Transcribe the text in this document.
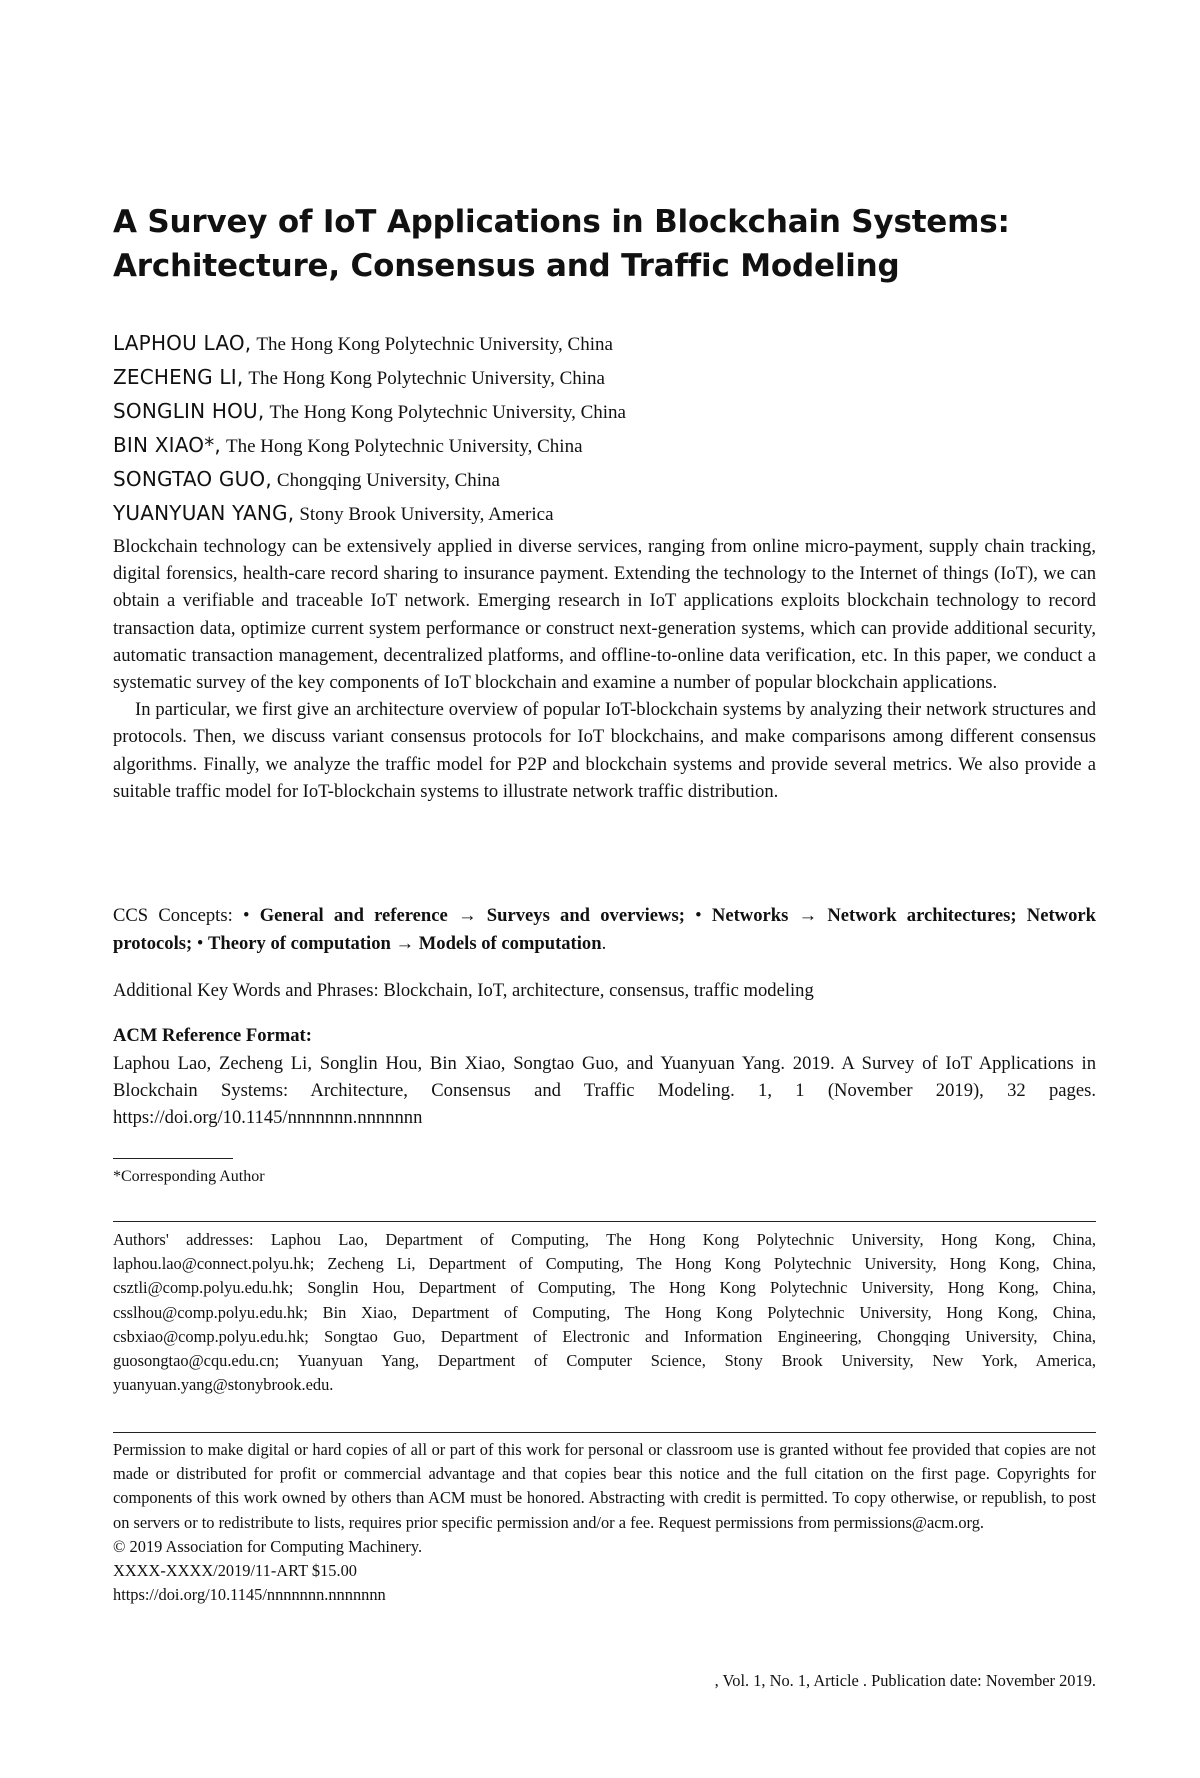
A Survey of IoT Applications in Blockchain Systems:
Architecture, Consensus and Traffic Modeling
LAPHOU LAO, The Hong Kong Polytechnic University, China
ZECHENG LI, The Hong Kong Polytechnic University, China
SONGLIN HOU, The Hong Kong Polytechnic University, China
BIN XIAO*, The Hong Kong Polytechnic University, China
SONGTAO GUO, Chongqing University, China
YUANYUAN YANG, Stony Brook University, America

Blockchain technology can be extensively applied in diverse services, ranging from online micro-payment, supply chain tracking, digital forensics, health-care record sharing to insurance payment. Extending the technology to the Internet of things (IoT), we can obtain a verifiable and traceable IoT network. Emerging research in IoT applications exploits blockchain technology to record transaction data, optimize current system performance or construct next-generation systems, which can provide additional security, automatic transaction management, decentralized platforms, and offline-to-online data verification, etc. In this paper, we conduct a systematic survey of the key components of IoT blockchain and examine a number of popular blockchain applications.

In particular, we first give an architecture overview of popular IoT-blockchain systems by analyzing their network structures and protocols. Then, we discuss variant consensus protocols for IoT blockchains, and make comparisons among different consensus algorithms. Finally, we analyze the traffic model for P2P and blockchain systems and provide several metrics. We also provide a suitable traffic model for IoT-blockchain systems to illustrate network traffic distribution.

CCS Concepts: • General and reference → Surveys and overviews; • Networks → Network architectures; Network protocols; • Theory of computation → Models of computation.
Additional Key Words and Phrases: Blockchain, IoT, architecture, consensus, traffic modeling
ACM Reference Format:
Laphou Lao, Zecheng Li, Songlin Hou, Bin Xiao, Songtao Guo, and Yuanyuan Yang. 2019. A Survey of IoT Applications in Blockchain Systems: Architecture, Consensus and Traffic Modeling. 1, 1 (November 2019), 32 pages. https://doi.org/10.1145/nnnnnnn.nnnnnnn
*Corresponding Author
Authors' addresses: Laphou Lao, Department of Computing, The Hong Kong Polytechnic University, Hong Kong, China, laphou.lao@connect.polyu.hk; Zecheng Li, Department of Computing, The Hong Kong Polytechnic University, Hong Kong, China, csztli@comp.polyu.edu.hk; Songlin Hou, Department of Computing, The Hong Kong Polytechnic University, Hong Kong, China, csslhou@comp.polyu.edu.hk; Bin Xiao, Department of Computing, The Hong Kong Polytechnic University, Hong Kong, China, csbxiao@comp.polyu.edu.hk; Songtao Guo, Department of Electronic and Information Engineering, Chongqing University, China, guosongtao@cqu.edu.cn; Yuanyuan Yang, Department of Computer Science, Stony Brook University, New York, America, yuanyuan.yang@stonybrook.edu.

Permission to make digital or hard copies of all or part of this work for personal or classroom use is granted without fee provided that copies are not made or distributed for profit or commercial advantage and that copies bear this notice and the full citation on the first page. Copyrights for components of this work owned by others than ACM must be honored. Abstracting with credit is permitted. To copy otherwise, or republish, to post on servers or to redistribute to lists, requires prior specific permission and/or a fee. Request permissions from permissions@acm.org.

© 2019 Association for Computing Machinery.

XXXX-XXXX/2019/11-ART $15.00

https://doi.org/10.1145/nnnnnnn.nnnnnnn

, Vol. 1, No. 1, Article . Publication date: November 2019.
